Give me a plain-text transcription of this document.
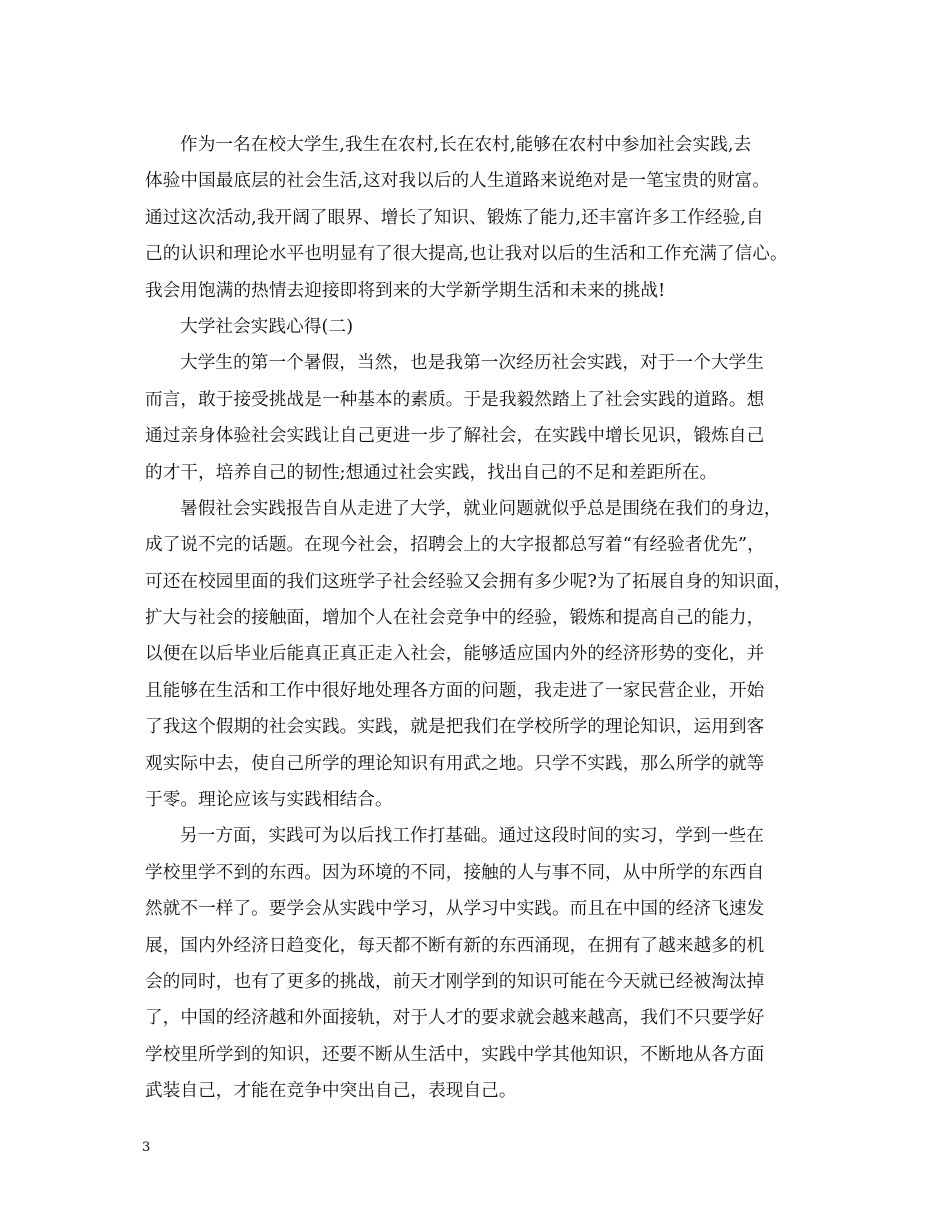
作为一名在校大学生,我生在农村,长在农村,能够在农村中参加社会实践,去
体验中国最底层的社会生活,这对我以后的人生道路来说绝对是一笔宝贵的财富。
通过这次活动,我开阔了眼界、增长了知识、锻炼了能力,还丰富许多工作经验,自
己的认识和理论水平也明显有了很大提高,也让我对以后的生活和工作充满了信心。
我会用饱满的热情去迎接即将到来的大学新学期生活和未来的挑战!
大学社会实践心得(二)
大学生的第一个暑假，当然，也是我第一次经历社会实践，对于一个大学生
而言，敢于接受挑战是一种基本的素质。于是我毅然踏上了社会实践的道路。想
通过亲身体验社会实践让自己更进一步了解社会，在实践中增长见识，锻炼自己
的才干，培养自己的韧性;想通过社会实践，找出自己的不足和差距所在。
暑假社会实践报告自从走进了大学，就业问题就似乎总是围绕在我们的身边，
成了说不完的话题。在现今社会，招聘会上的大字报都总写着“有经验者优先”，
可还在校园里面的我们这班学子社会经验又会拥有多少呢?为了拓展自身的知识面，
扩大与社会的接触面，增加个人在社会竞争中的经验，锻炼和提高自己的能力，
以便在以后毕业后能真正真正走入社会，能够适应国内外的经济形势的变化，并
且能够在生活和工作中很好地处理各方面的问题，我走进了一家民营企业，开始
了我这个假期的社会实践。实践，就是把我们在学校所学的理论知识，运用到客
观实际中去，使自己所学的理论知识有用武之地。只学不实践，那么所学的就等
于零。理论应该与实践相结合。
另一方面，实践可为以后找工作打基础。通过这段时间的实习，学到一些在
学校里学不到的东西。因为环境的不同，接触的人与事不同，从中所学的东西自
然就不一样了。要学会从实践中学习，从学习中实践。而且在中国的经济飞速发
展，国内外经济日趋变化，每天都不断有新的东西涌现，在拥有了越来越多的机
会的同时，也有了更多的挑战，前天才刚学到的知识可能在今天就已经被淘汰掉
了，中国的经济越和外面接轨，对于人才的要求就会越来越高，我们不只要学好
学校里所学到的知识，还要不断从生活中，实践中学其他知识，不断地从各方面
武装自己，才能在竞争中突出自己，表现自己。
3
